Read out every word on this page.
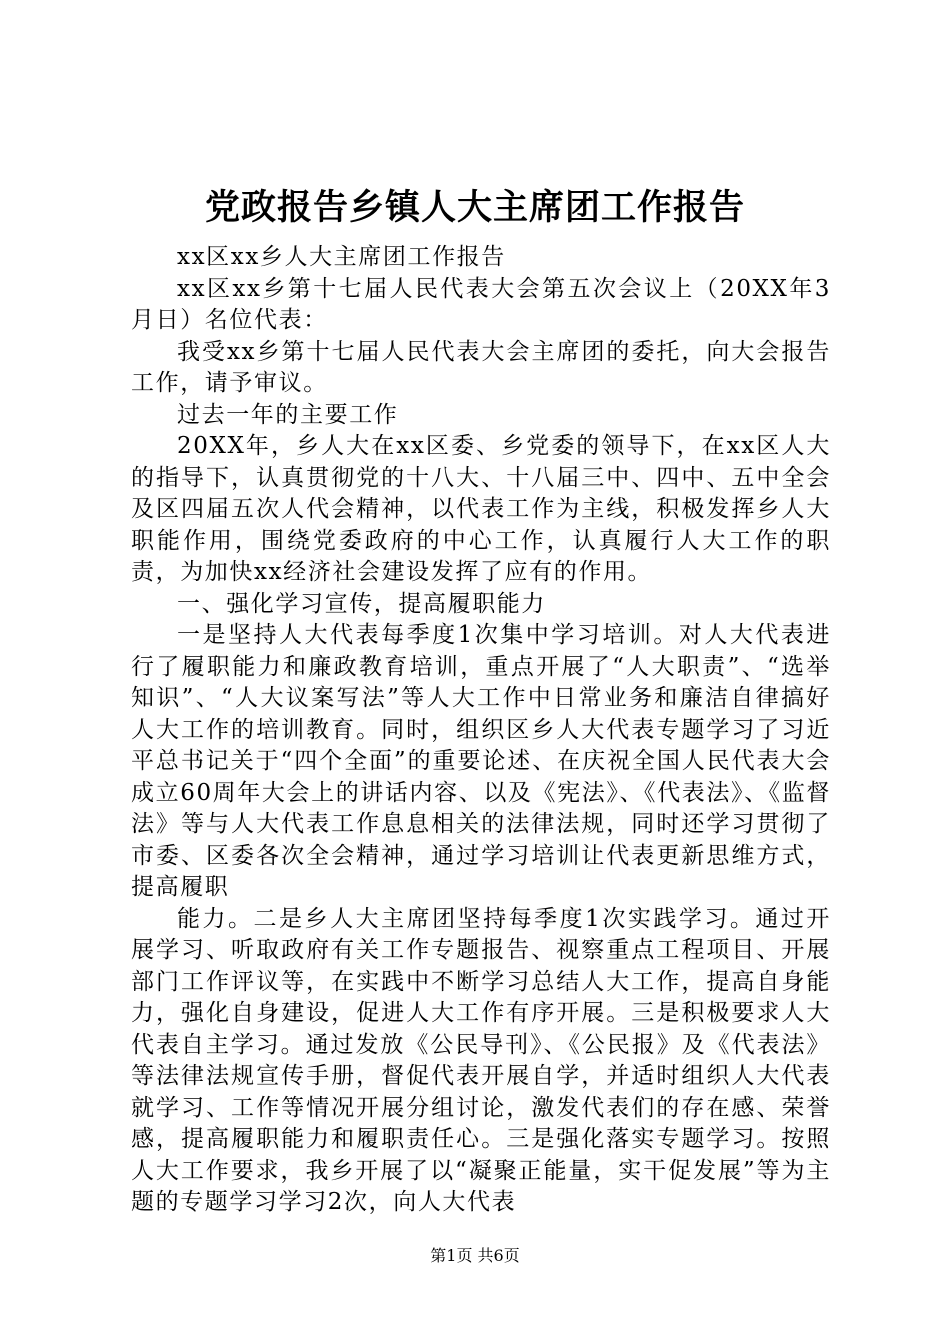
党政报告乡镇人大主席团工作报告

xx区xx乡人大主席团工作报告

xx区xx乡第十七届人民代表大会第五次会议上（20XX年3月日）名位代表：

我受xx乡第十七届人民代表大会主席团的委托，向大会报告工作，请予审议。

过去一年的主要工作

20XX年，乡人大在xx区委、乡党委的领导下，在xx区人大的指导下，认真贯彻党的十八大、十八届三中、四中、五中全会及区四届五次人代会精神，以代表工作为主线，积极发挥乡人大职能作用，围绕党委政府的中心工作，认真履行人大工作的职责，为加快xx经济社会建设发挥了应有的作用。

一、强化学习宣传，提高履职能力

一是坚持人大代表每季度1次集中学习培训。对人大代表进行了履职能力和廉政教育培训，重点开展了“人大职责”、“选举知识”、“人大议案写法”等人大工作中日常业务和廉洁自律搞好人大工作的培训教育。同时，组织区乡人大代表专题学习了习近平总书记关于“四个全面”的重要论述、在庆祝全国人民代表大会成立60周年大会上的讲话内容、以及《宪法》、《代表法》、《监督法》等与人大代表工作息息相关的法律法规，同时还学习贯彻了市委、区委各次全会精神，通过学习培训让代表更新思维方式，提高履职

能力。二是乡人大主席团坚持每季度1次实践学习。通过开展学习、听取政府有关工作专题报告、视察重点工程项目、开展部门工作评议等，在实践中不断学习总结人大工作，提高自身能力，强化自身建设，促进人大工作有序开展。三是积极要求人大代表自主学习。通过发放《公民导刊》、《公民报》及《代表法》等法律法规宣传手册，督促代表开展自学，并适时组织人大代表就学习、工作等情况开展分组讨论，激发代表们的存在感、荣誉感，提高履职能力和履职责任心。三是强化落实专题学习。按照人大工作要求，我乡开展了以“凝聚正能量，实干促发展”等为主题的专题学习学习2次，向人大代表

第1页 共6页
